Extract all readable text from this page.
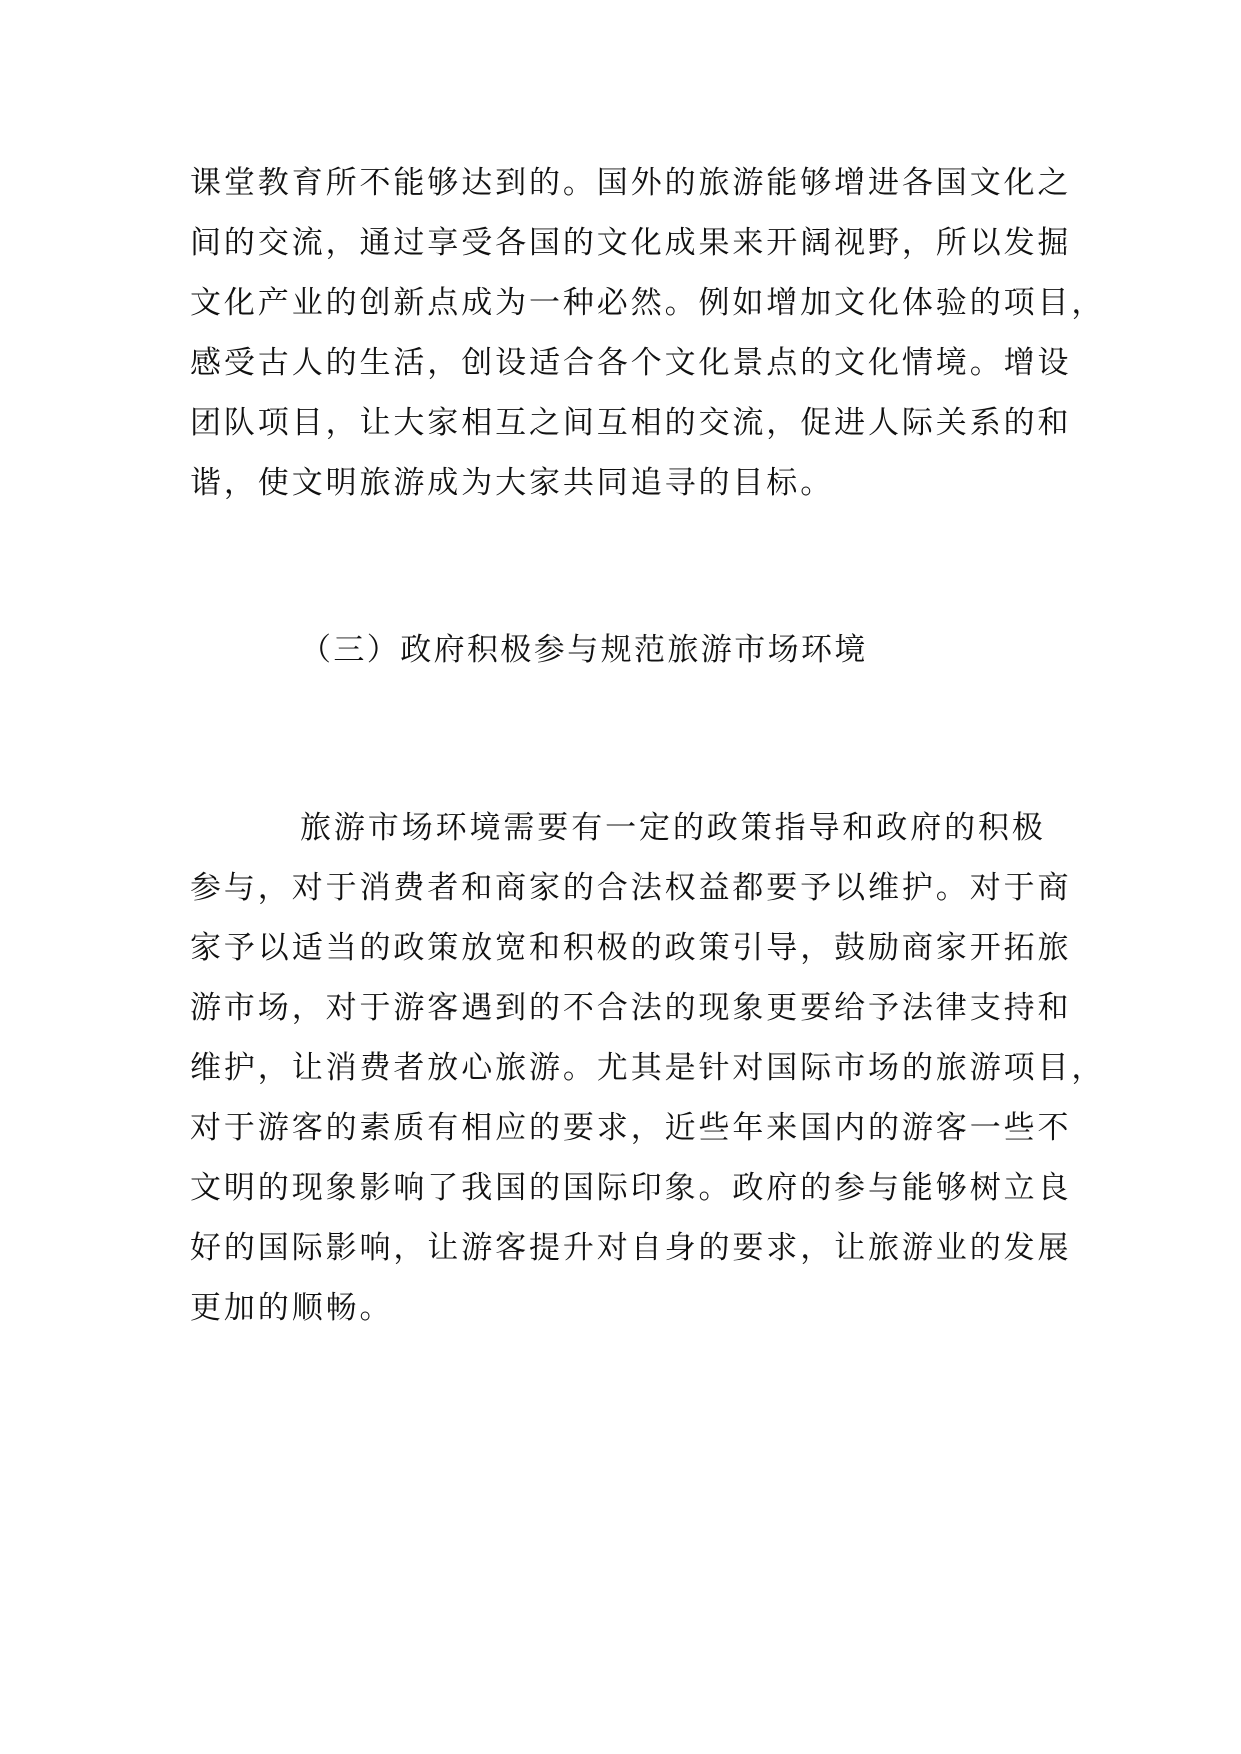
课堂教育所不能够达到的。国外的旅游能够增进各国文化之
间的交流，通过享受各国的文化成果来开阔视野，所以发掘
文化产业的创新点成为一种必然。例如增加文化体验的项目，
感受古人的生活，创设适合各个文化景点的文化情境。增设
团队项目，让大家相互之间互相的交流，促进人际关系的和
谐，使文明旅游成为大家共同追寻的目标。
（三）政府积极参与规范旅游市场环境
旅游市场环境需要有一定的政策指导和政府的积极
参与，对于消费者和商家的合法权益都要予以维护。对于商
家予以适当的政策放宽和积极的政策引导，鼓励商家开拓旅
游市场，对于游客遇到的不合法的现象更要给予法律支持和
维护，让消费者放心旅游。尤其是针对国际市场的旅游项目，
对于游客的素质有相应的要求，近些年来国内的游客一些不
文明的现象影响了我国的国际印象。政府的参与能够树立良
好的国际影响，让游客提升对自身的要求，让旅游业的发展
更加的顺畅。
